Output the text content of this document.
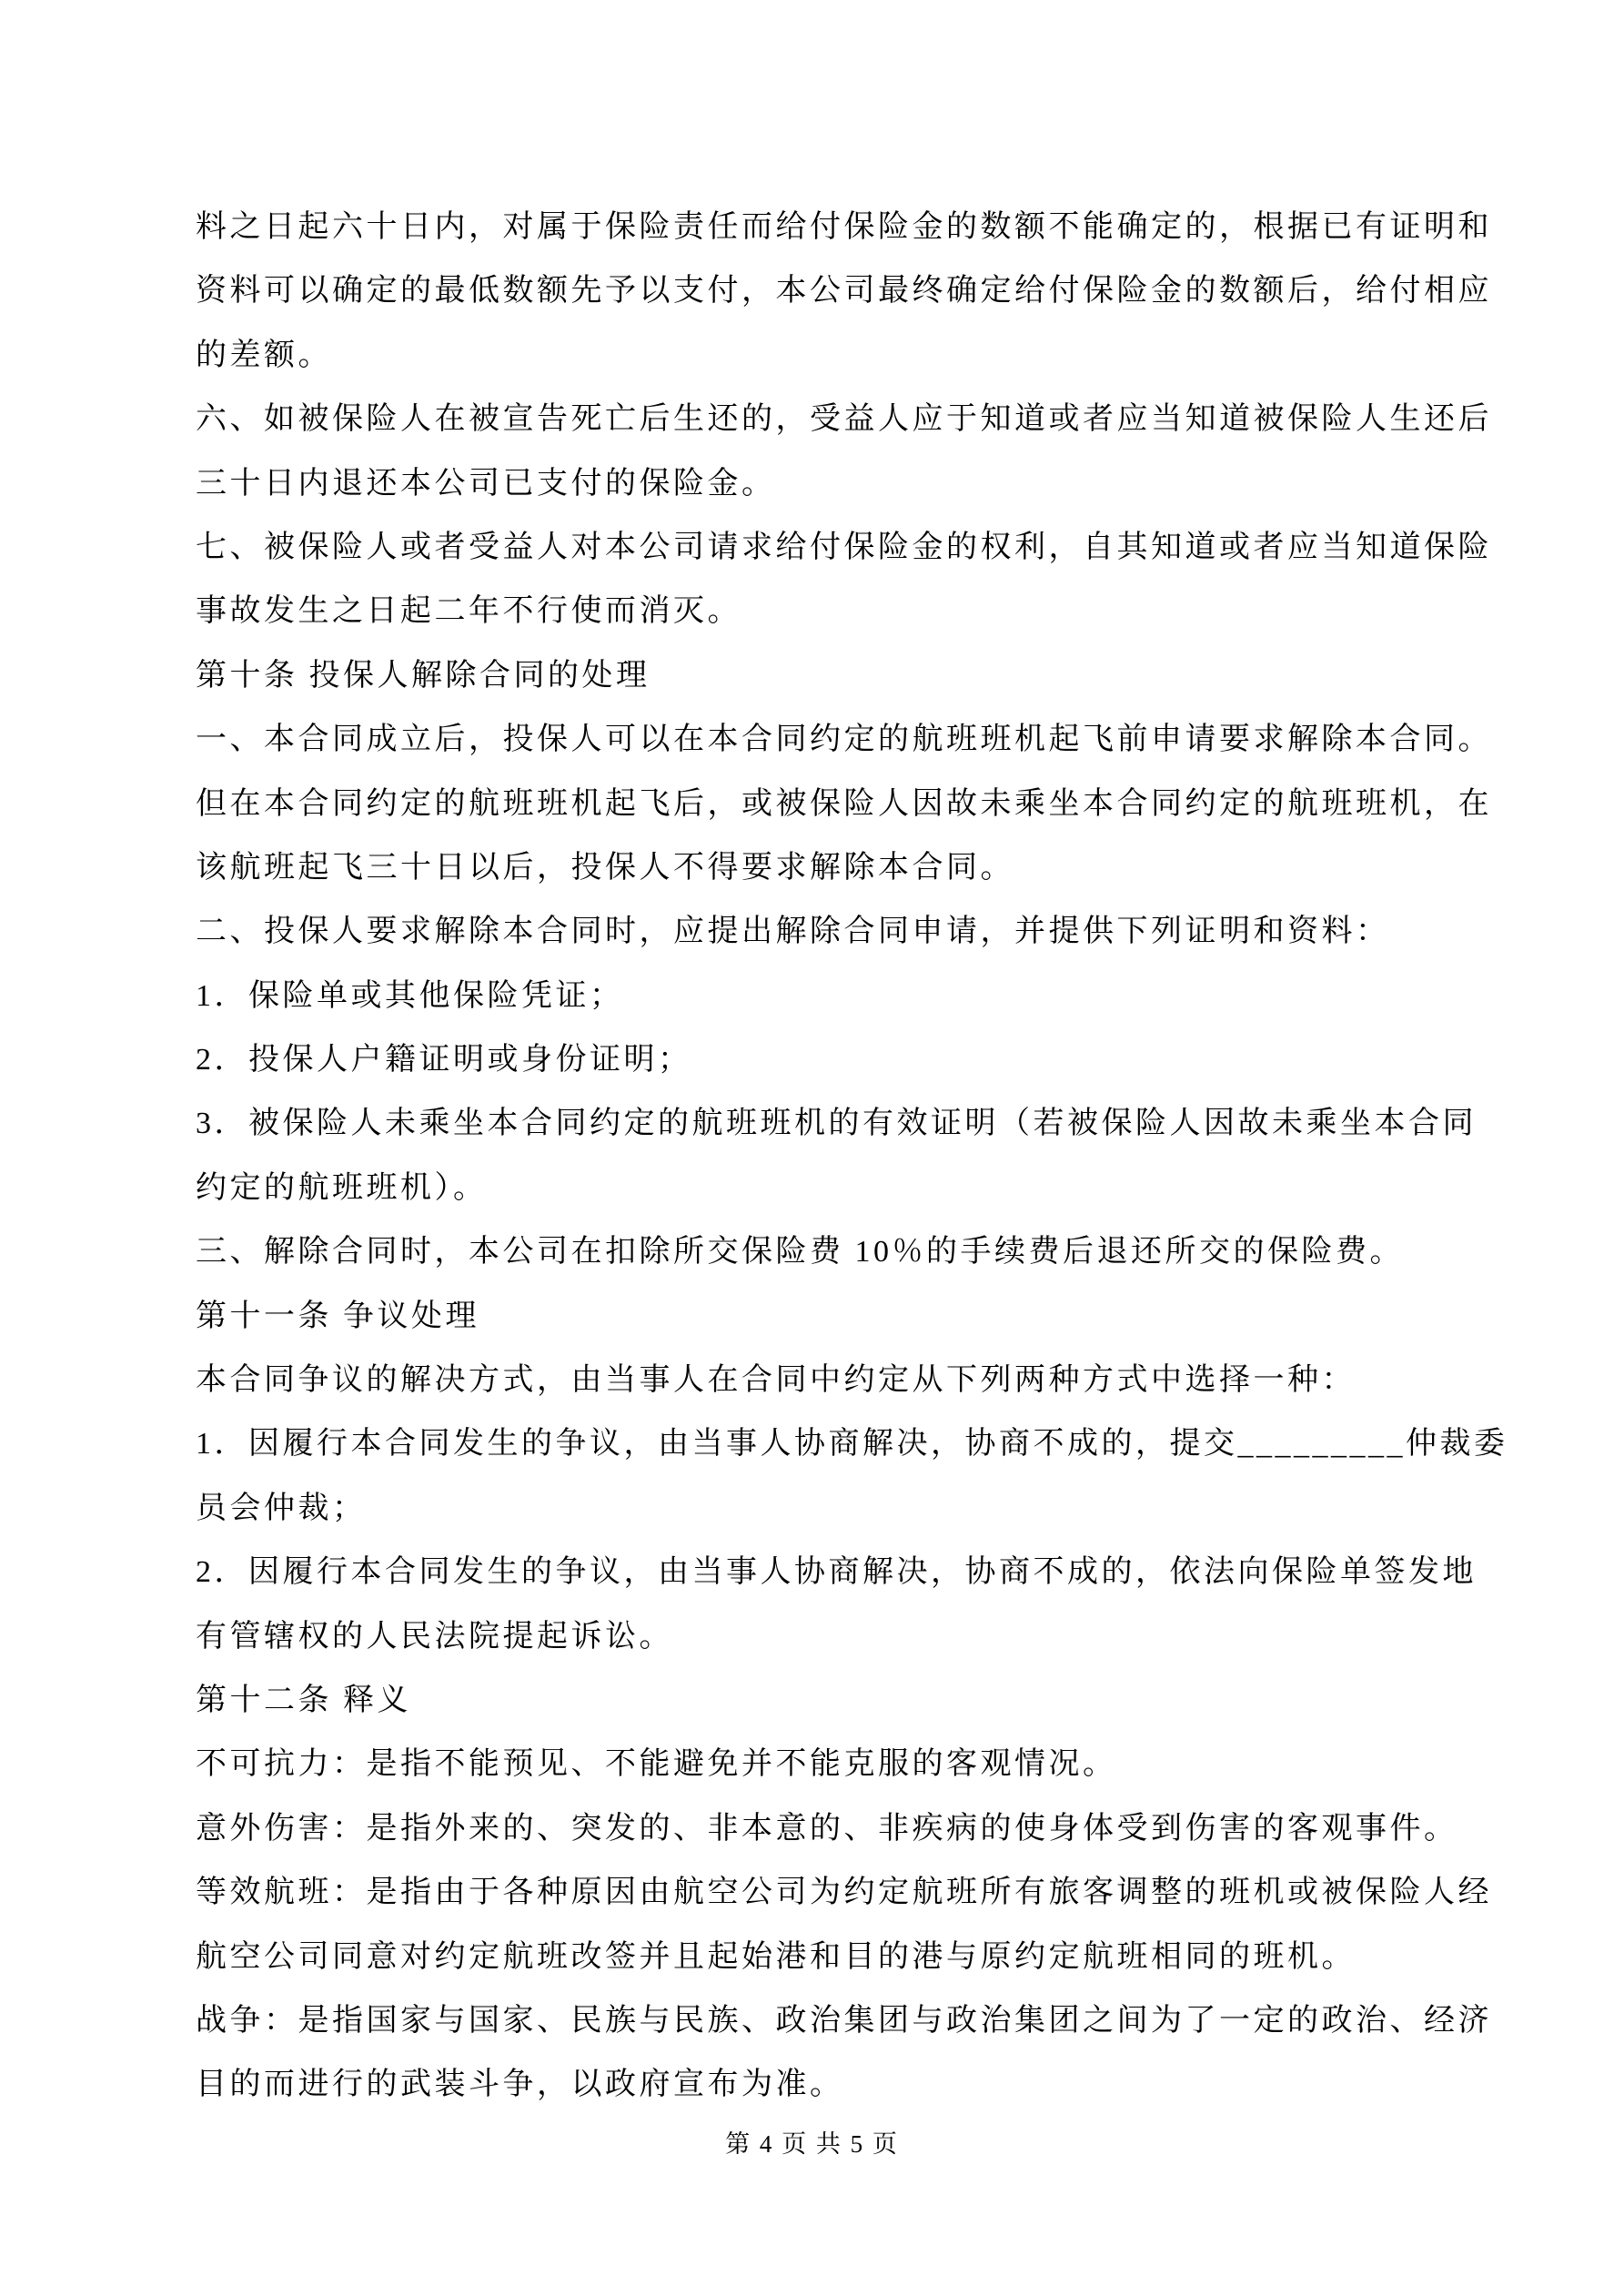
料之日起六十日内，对属于保险责任而给付保险金的数额不能确定的，根据已有证明和
资料可以确定的最低数额先予以支付，本公司最终确定给付保险金的数额后，给付相应
的差额。
六、如被保险人在被宣告死亡后生还的，受益人应于知道或者应当知道被保险人生还后
三十日内退还本公司已支付的保险金。
七、被保险人或者受益人对本公司请求给付保险金的权利，自其知道或者应当知道保险
事故发生之日起二年不行使而消灭。
第十条 投保人解除合同的处理
一、本合同成立后，投保人可以在本合同约定的航班班机起飞前申请要求解除本合同。
但在本合同约定的航班班机起飞后，或被保险人因故未乘坐本合同约定的航班班机，在
该航班起飞三十日以后，投保人不得要求解除本合同。
二、投保人要求解除本合同时，应提出解除合同申请，并提供下列证明和资料：
1．保险单或其他保险凭证；
2．投保人户籍证明或身份证明；
3．被保险人未乘坐本合同约定的航班班机的有效证明（若被保险人因故未乘坐本合同
约定的航班班机）。
三、解除合同时，本公司在扣除所交保险费 10％的手续费后退还所交的保险费。
第十一条 争议处理
本合同争议的解决方式，由当事人在合同中约定从下列两种方式中选择一种：
1．因履行本合同发生的争议，由当事人协商解决，协商不成的，提交_________仲裁委
员会仲裁；
2．因履行本合同发生的争议，由当事人协商解决，协商不成的，依法向保险单签发地
有管辖权的人民法院提起诉讼。
第十二条 释义
不可抗力：是指不能预见、不能避免并不能克服的客观情况。
意外伤害：是指外来的、突发的、非本意的、非疾病的使身体受到伤害的客观事件。
等效航班：是指由于各种原因由航空公司为约定航班所有旅客调整的班机或被保险人经
航空公司同意对约定航班改签并且起始港和目的港与原约定航班相同的班机。
战争：是指国家与国家、民族与民族、政治集团与政治集团之间为了一定的政治、经济
目的而进行的武装斗争，以政府宣布为准。
第 4 页 共 5 页
